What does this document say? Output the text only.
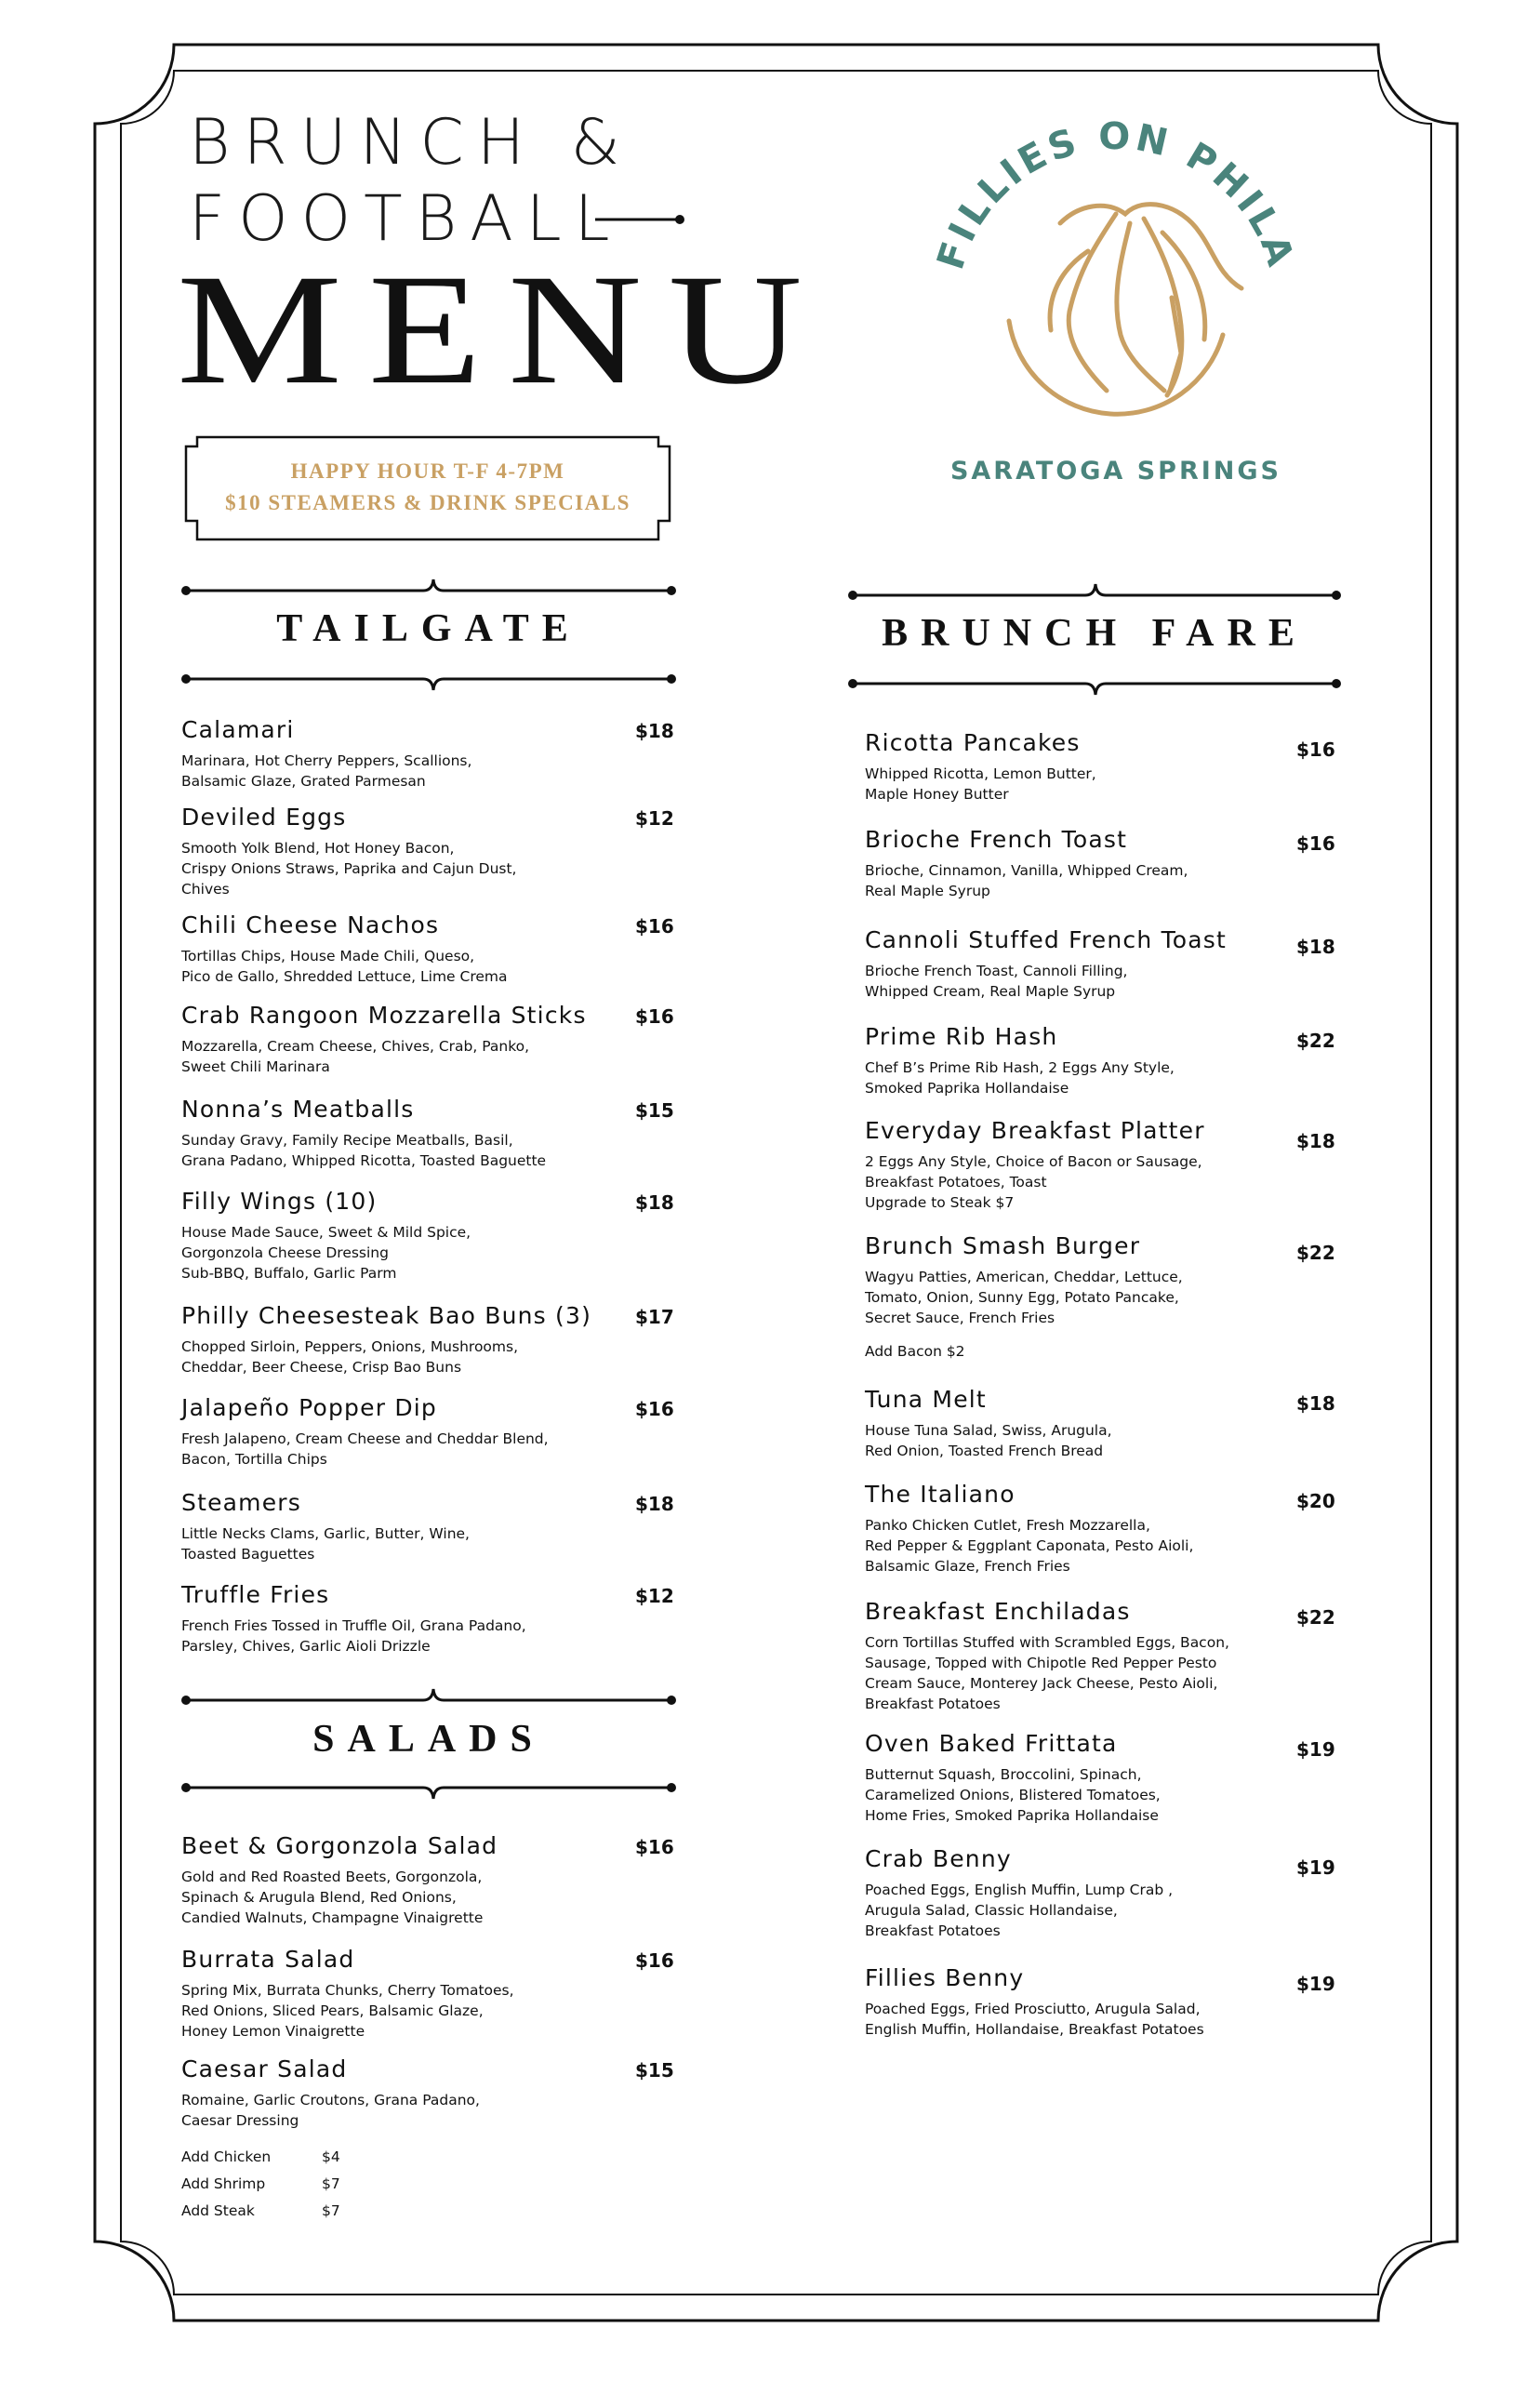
BRUNCH &
FOOTBALL
MENU
HAPPY HOUR T-F 4-7PM
$10 STEAMERS & DRINK SPECIALS
FILLIES ON PHILA
SARATOGA SPRINGS
TAILGATE
SALADS
BRUNCH FARE
Calamari
Marinara, Hot Cherry Peppers, Scallions,
Balsamic Glaze, Grated Parmesan
$18
Deviled Eggs
Smooth Yolk Blend, Hot Honey Bacon,
Crispy Onions Straws, Paprika and Cajun Dust,
Chives
$12
Chili Cheese Nachos
Tortillas Chips, House Made Chili, Queso,
Pico de Gallo, Shredded Lettuce, Lime Crema
$16
Crab Rangoon Mozzarella Sticks
Mozzarella, Cream Cheese, Chives, Crab, Panko,
Sweet Chili Marinara
$16
Nonna’s Meatballs
Sunday Gravy, Family Recipe Meatballs, Basil,
Grana Padano, Whipped Ricotta, Toasted Baguette
$15
Filly Wings (10)
House Made Sauce, Sweet & Mild Spice,
Gorgonzola Cheese Dressing
Sub-BBQ, Buffalo, Garlic Parm
$18
Philly Cheesesteak Bao Buns (3)
Chopped Sirloin, Peppers, Onions, Mushrooms,
Cheddar, Beer Cheese, Crisp Bao Buns
$17
Jalapeño Popper Dip
Fresh Jalapeno, Cream Cheese and Cheddar Blend,
Bacon, Tortilla Chips
$16
Steamers
Little Necks Clams, Garlic, Butter, Wine,
Toasted Baguettes
$18
Truffle Fries
French Fries Tossed in Truffle Oil, Grana Padano,
Parsley, Chives, Garlic Aioli Drizzle
$12
Beet & Gorgonzola Salad
Gold and Red Roasted Beets, Gorgonzola,
Spinach & Arugula Blend, Red Onions,
Candied Walnuts, Champagne Vinaigrette
$16
Burrata Salad
Spring Mix, Burrata Chunks, Cherry Tomatoes,
Red Onions, Sliced Pears, Balsamic Glaze,
Honey Lemon Vinaigrette
$16
Caesar Salad
Romaine, Garlic Croutons, Grana Padano,
Caesar Dressing
$15
Add Chicken	$4
Add Shrimp	$7
Add Steak	$7
Ricotta Pancakes
Whipped Ricotta, Lemon Butter,
Maple Honey Butter
$16
Brioche French Toast
Brioche, Cinnamon, Vanilla, Whipped Cream,
Real Maple Syrup
$16
Cannoli Stuffed French Toast
Brioche French Toast, Cannoli Filling,
Whipped Cream, Real Maple Syrup
$18
Prime Rib Hash
Chef B’s Prime Rib Hash, 2 Eggs Any Style,
Smoked Paprika Hollandaise
$22
Everyday Breakfast Platter
2 Eggs Any Style, Choice of Bacon or Sausage,
Breakfast Potatoes, Toast
Upgrade to Steak $7
$18
Brunch Smash Burger
Wagyu Patties, American, Cheddar, Lettuce,
Tomato, Onion, Sunny Egg, Potato Pancake,
Secret Sauce, French Fries
Add Bacon $2
$22
Tuna Melt
House Tuna Salad, Swiss, Arugula,
Red Onion, Toasted French Bread
$18
The Italiano
Panko Chicken Cutlet, Fresh Mozzarella,
Red Pepper & Eggplant Caponata, Pesto Aioli,
Balsamic Glaze, French Fries
$20
Breakfast Enchiladas
Corn Tortillas Stuffed with Scrambled Eggs, Bacon,
Sausage, Topped with Chipotle Red Pepper Pesto
Cream Sauce, Monterey Jack Cheese, Pesto Aioli,
Breakfast Potatoes
$22
Oven Baked Frittata
Butternut Squash, Broccolini, Spinach,
Caramelized Onions, Blistered Tomatoes,
Home Fries, Smoked Paprika Hollandaise
$19
Crab Benny
Poached Eggs, English Muffin, Lump Crab ,
Arugula Salad, Classic Hollandaise,
Breakfast Potatoes
$19
Fillies Benny
Poached Eggs, Fried Prosciutto, Arugula Salad,
English Muffin, Hollandaise, Breakfast Potatoes
$19
